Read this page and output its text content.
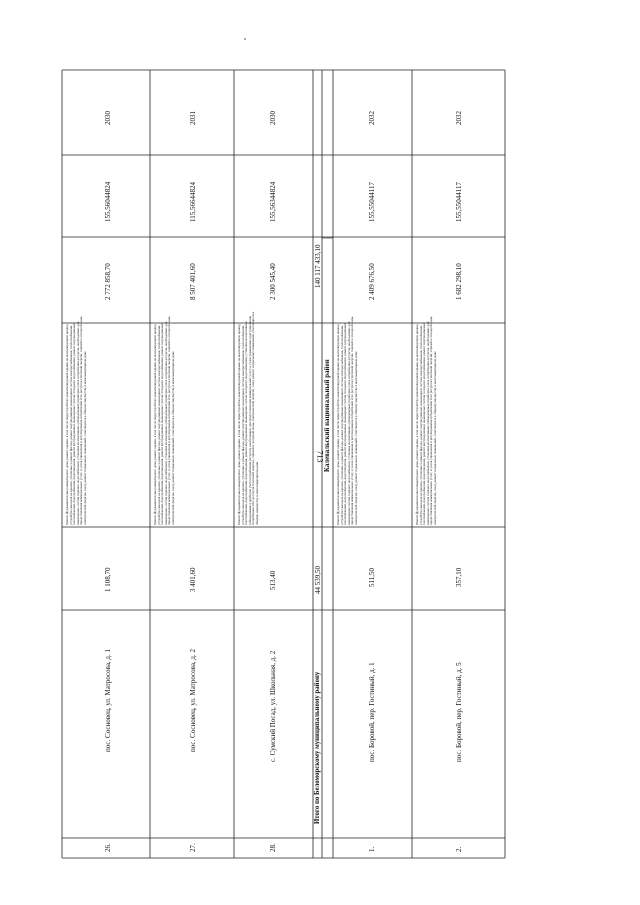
713
26.
пос. Сосновец, ул. Матросова, д. 1
1 108,70
Ремонт фундаментов многоквартирного дома, ремонт крыши, в том числе переустройство невентилируемой крыши на вентилируемую крышу, устройство выходов на кровлю, утепление и ремонт фасада, ремонт внутридомовых инженерных систем электроснабжения, теплоснабжения, газоснабжения, водоснабжения, водоотведения, ремонт внутридомовых инженерных систем холодного водоснабжения, ремонт внутридомовых инженерных систем горячего водоснабжения, установка коллективных (общедомовых) приборов учета потребления ресурсов, необходимых для предоставления коммунальных услуг, и узлов управления и регулирования потребления этих ресурсов (тепловой энергии, горячей и холодной воды, электрической энергии, газа), ремонт подвальных помещений, относящихся к общему имуществу в многоквартирном доме
2 772 858,70
155,56044824
2030
27.
пос. Сосновец, ул. Матросова, д. 2
3 401,60
Ремонт фундаментов многоквартирного дома, ремонт крыши, в том числе переустройство невентилируемой крыши на вентилируемую крышу, устройство выходов на кровлю, утепление и ремонт фасада, ремонт внутридомовых инженерных систем электроснабжения, теплоснабжения, газоснабжения, водоснабжения, водоотведения, ремонт внутридомовых инженерных систем холодного водоснабжения, ремонт внутридомовых инженерных систем горячего водоснабжения, установка коллективных (общедомовых) приборов учета потребления ресурсов, необходимых для предоставления коммунальных услуг, и узлов управления и регулирования потребления этих ресурсов (тепловой энергии, горячей и холодной воды, электрической энергии, газа), ремонт подвальных помещений, относящихся к общему имуществу в многоквартирном доме
8 507 401,60
115,56644824
2031
28.
с. Сумский Посад, ул. Школьная, д. 2
513,40
Ремонт фундаментов многоквартирного дома, ремонт крыши, в том числе переустройство невентилируемой крыши на вентилируемую крышу, устройство выходов на кровлю, утепление и ремонт фасада, ремонт внутридомовых инженерных систем электроснабжения, теплоснабжения, газоснабжения, водоснабжения, водоотведения, ремонт внутридомовых инженерных систем холодного водоснабжения, установка коллективных (общедомовых) приборов учета потребления ресурсов, необходимых для предоставления коммунальных услуг, и узлов управления и регулирования потребления этих ресурсов (тепловой энергии, горячей и холодной воды, электрической энергии, газа), ремонт подвальных помещений, относящихся к общему имуществу в многоквартирном доме
2 300 545,40
155,56344824
2030
Итого по Беломорскому муниципальному району
44 539,50
140 117 433,10
Калевальский национальный район
1.
пос. Боровой, пер. Гостиный, д. 1
511,50
Ремонт фундаментов многоквартирного дома, ремонт крыши, в том числе переустройство невентилируемой крыши на вентилируемую крышу, устройство выходов на кровлю, утепление и ремонт фасада, ремонт внутридомовых инженерных систем электроснабжения, теплоснабжения, газоснабжения, водоснабжения, водоотведения, ремонт внутридомовых инженерных систем холодного водоснабжения, ремонт внутридомовых инженерных систем горячего водоснабжения, установка коллективных (общедомовых) приборов учета потребления ресурсов, необходимых для предоставления коммунальных услуг, и узлов управления и регулирования потребления этих ресурсов (тепловой энергии, горячей и холодной воды, электрической энергии, газа), ремонт подвальных помещений, относящихся к общему имуществу в многоквартирном доме
2 409 676,50
155,55044117
2032
2.
пос. Боровой, пер. Гостиный, д. 5
357,10
Ремонт фундаментов многоквартирного дома, ремонт крыши, в том числе переустройство невентилируемой крыши на вентилируемую крышу, устройство выходов на кровлю, утепление и ремонт фасада, ремонт внутридомовых инженерных систем электроснабжения, теплоснабжения, газоснабжения, водоснабжения, водоотведения, ремонт внутридомовых инженерных систем холодного водоснабжения, ремонт внутридомовых инженерных систем горячего водоснабжения, установка коллективных (общедомовых) приборов учета потребления ресурсов, необходимых для предоставления коммунальных услуг, и узлов управления и регулирования потребления этих ресурсов (тепловой энергии, горячей и холодной воды, электрической энергии, газа), ремонт подвальных помещений, относящихся к общему имуществу в многоквартирном доме
1 682 298,10
155,55044117
2032
